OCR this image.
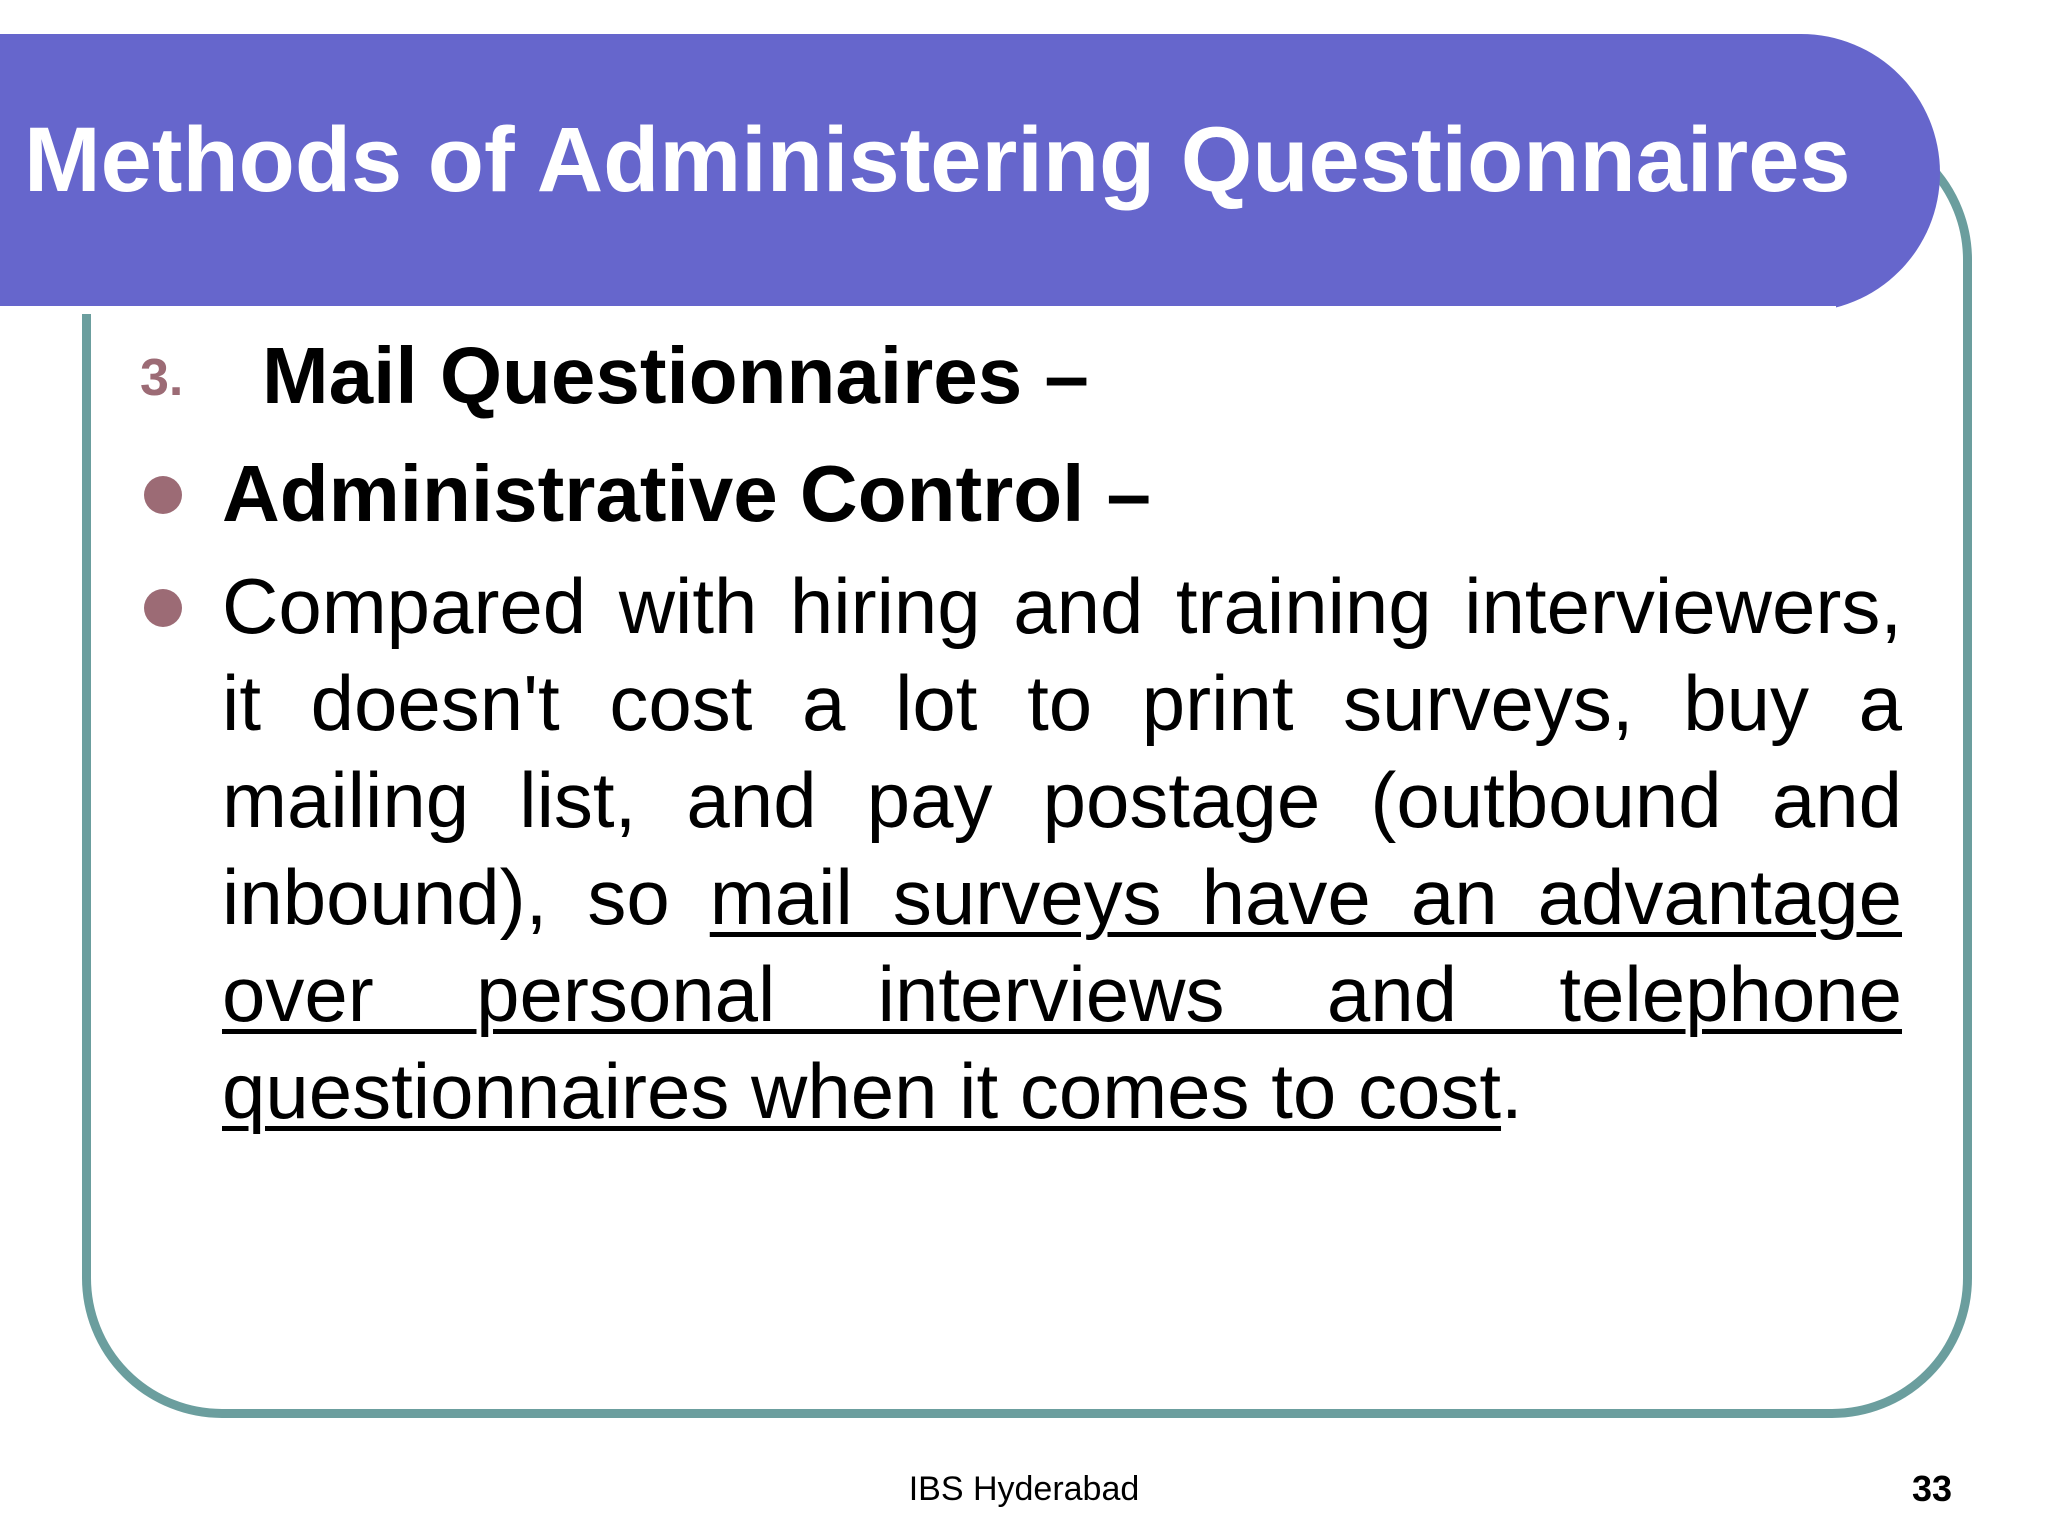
Methods of Administering Questionnaires
3. Mail Questionnaires –
Administrative Control –
Compared with hiring and training interviewers, it doesn't cost a lot to print surveys, buy a mailing list, and pay postage (outbound and inbound), so mail surveys have an advantage over personal interviews and telephone questionnaires when it comes to cost.
IBS Hyderabad	33
